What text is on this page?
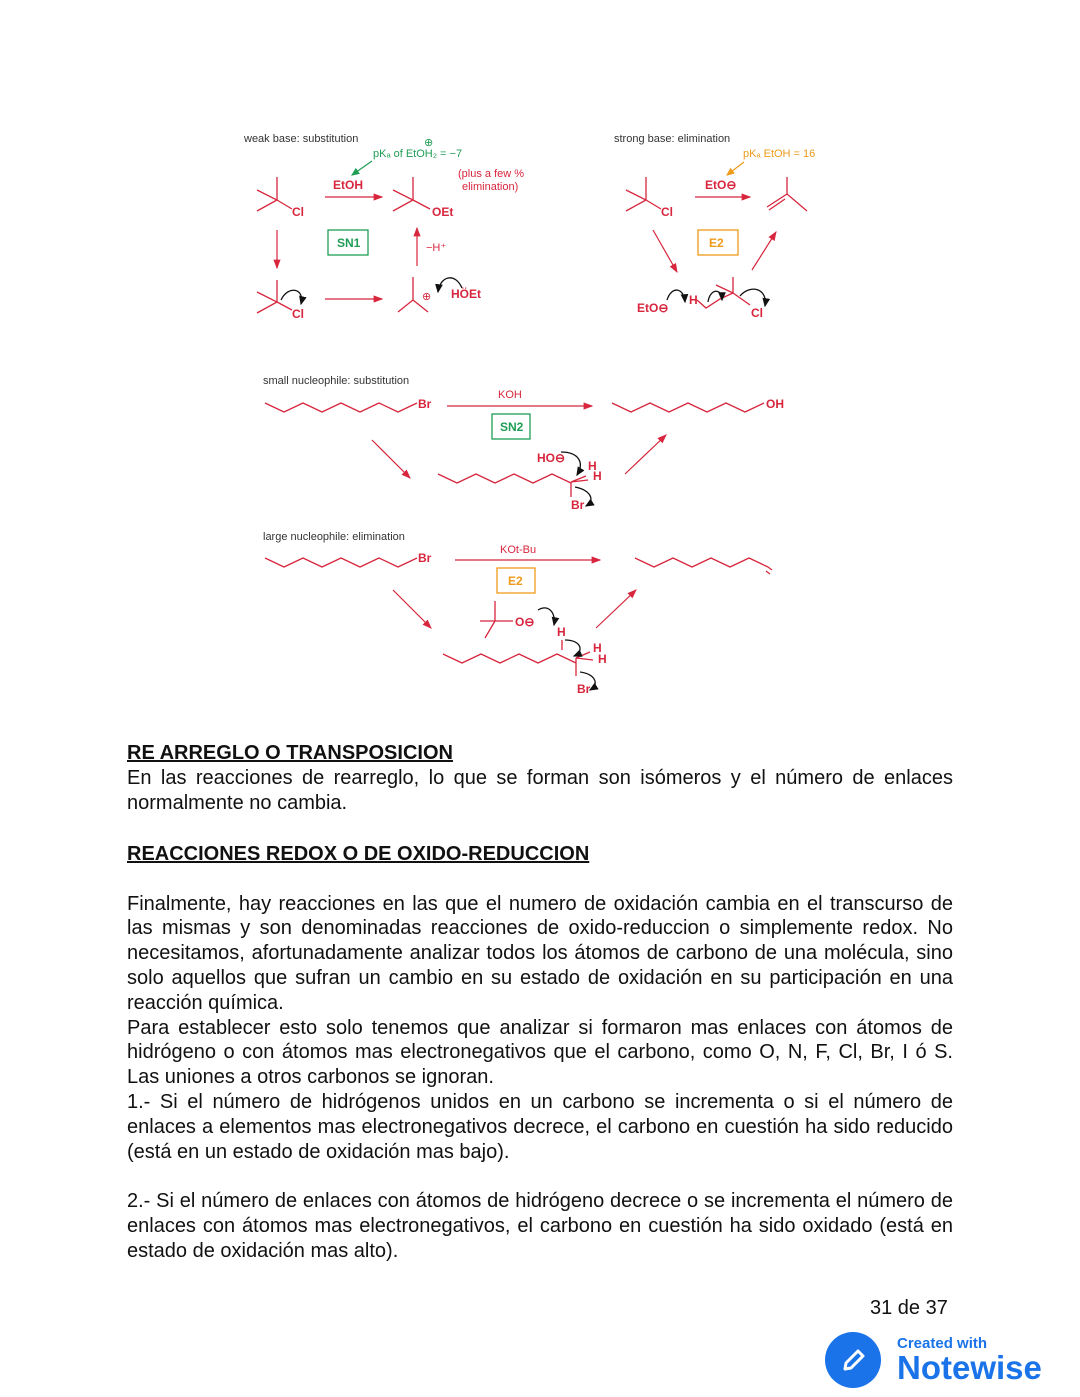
weak base: substitution	⊕
pKₐ of EtOH₂ = −7
EtOH
(plus a few %
elimination)
Cl	OEt
SN1	−H⁺
Cl
⊕ HÖEt
strong base: elimination
pKₐ EtOH = 16
EtO⊖
Cl
E2
EtO⊖
H
Cl
small nucleophile: substitution
Br
KOH
SN2
OH
HO⊖
H
H
Br
large nucleophile: elimination
Br
KOt-Bu
E2
O⊖
H
H
H
Br

RE ARREGLO O TRANSPOSICION

En las reacciones de rearreglo, lo que se forman son isómeros y el número de enlaces normalmente no cambia.

REACCIONES REDOX O DE OXIDO-REDUCCION

Finalmente, hay reacciones en las que el numero de oxidación cambia en el transcurso de las mismas y son denominadas reacciones de oxido-reduccion o simplemente redox. No necesitamos, afortunadamente analizar todos los átomos de carbono de una molécula, sino solo aquellos que sufran un cambio en su estado de oxidación en su participación en una reacción química.

Para establecer esto solo tenemos que analizar si formaron mas enlaces con átomos de hidrógeno o con átomos mas electronegativos que el carbono, como O, N, F, Cl, Br, I ó S. Las uniones a otros carbonos se ignoran.

1.- Si el número de hidrógenos unidos en un carbono se incrementa o si el número de enlaces a elementos mas electronegativos decrece, el carbono en cuestión ha sido reducido (está en un estado de oxidación mas bajo).

2.- Si el número de enlaces con átomos de hidrógeno decrece o se incrementa el número de enlaces con átomos mas electronegativos, el carbono en cuestión ha sido oxidado (está en estado de oxidación mas alto).

31 de 37
Created with
Notewise
